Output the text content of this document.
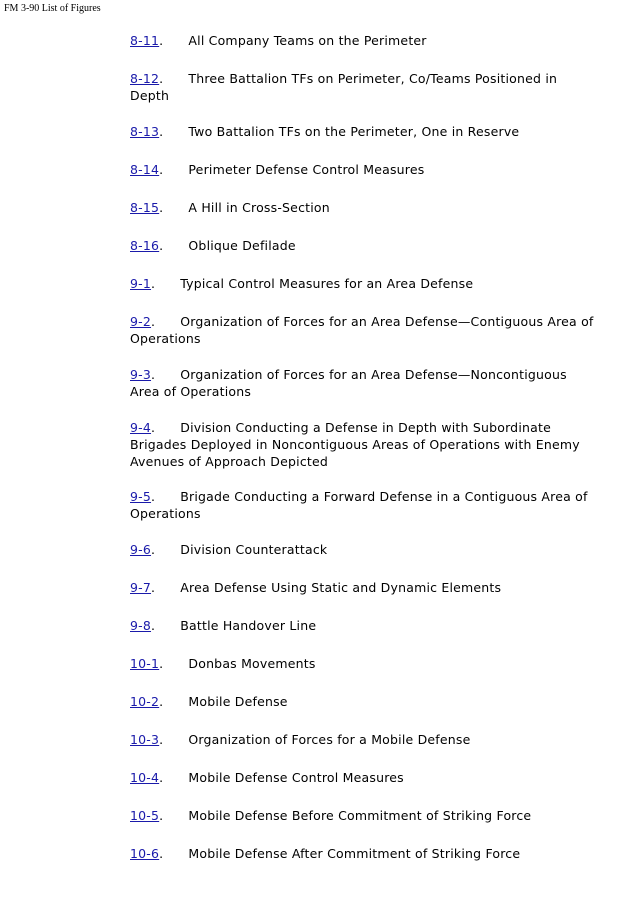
FM 3-90 List of Figures
8-11.      All Company Teams on the Perimeter
8-12.      Three Battalion TFs on Perimeter, Co/Teams Positioned in Depth
8-13.      Two Battalion TFs on the Perimeter, One in Reserve
8-14.      Perimeter Defense Control Measures
8-15.      A Hill in Cross-Section
8-16.      Oblique Defilade
9-1.      Typical Control Measures for an Area Defense
9-2.      Organization of Forces for an Area Defense—Contiguous Area of Operations
9-3.      Organization of Forces for an Area Defense—Noncontiguous Area of Operations
9-4.      Division Conducting a Defense in Depth with Subordinate Brigades Deployed in Noncontiguous Areas of Operations with Enemy Avenues of Approach Depicted
9-5.      Brigade Conducting a Forward Defense in a Contiguous Area of Operations
9-6.      Division Counterattack
9-7.      Area Defense Using Static and Dynamic Elements
9-8.      Battle Handover Line
10-1.      Donbas Movements
10-2.      Mobile Defense
10-3.      Organization of Forces for a Mobile Defense
10-4.      Mobile Defense Control Measures
10-5.      Mobile Defense Before Commitment of Striking Force
10-6.      Mobile Defense After Commitment of Striking Force
